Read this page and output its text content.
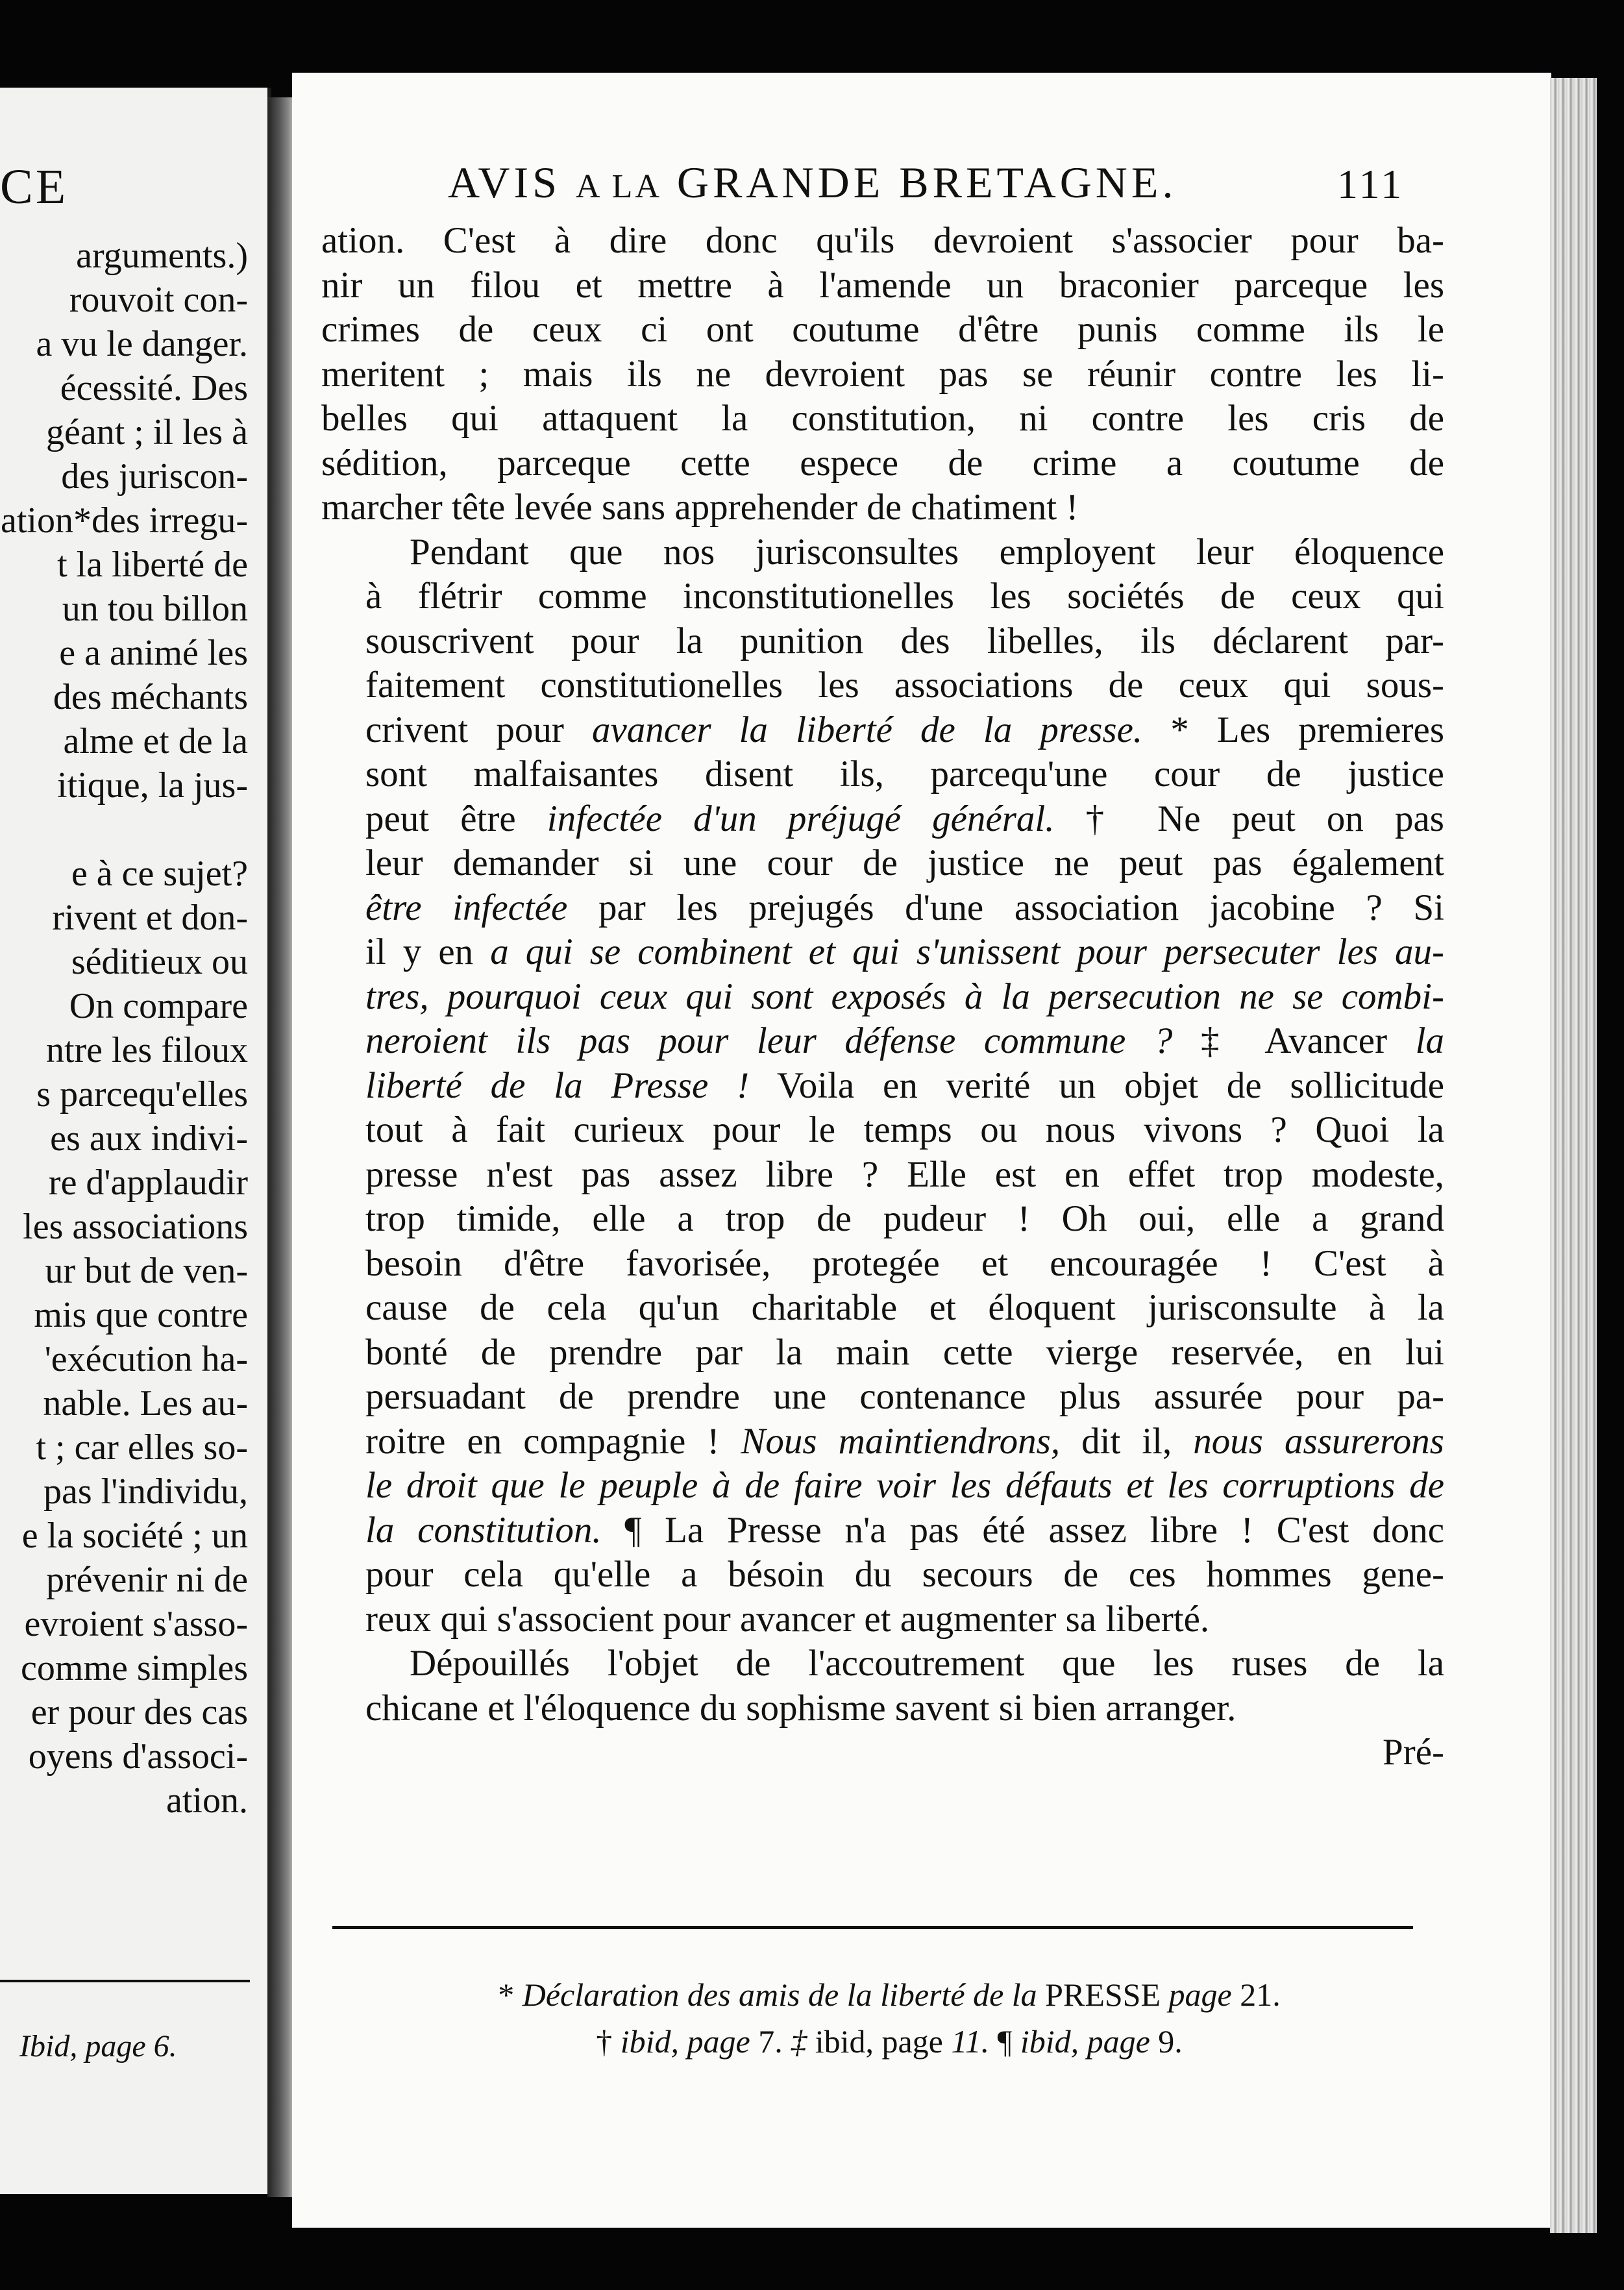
CE
arguments.)
rouvoit con-
a vu le danger.
écessité. Des
géant ; il les à
des juriscon-
ation*des irregu-
t la liberté de
un tou billon
e a animé les
des méchants
alme et de la
itique, la jus-

e à ce sujet?
rivent et don-
séditieux ou
On compare
ntre les filoux
s parcequ'elles
es aux indivi-
re d'applaudir
les associations
ur but de ven-
mis que contre
'exécution ha-
nable. Les au-
t ; car elles so-
pas l'individu,
e la société ; un
prévenir ni de
evroient s'asso-
comme simples
er pour des cas
oyens d'associ-
ation.
Ibid, page 6.
AVIS A LA GRANDE BRETAGNE.	111

ation. C'est à dire donc qu'ils devroient s'associer pour ba-
nir un filou et mettre à l'amende un braconier parceque les
crimes de ceux ci ont coutume d'être punis comme ils le
meritent ; mais ils ne devroient pas se réunir contre les li-
belles qui attaquent la constitution, ni contre les cris de
sédition, parceque cette espece de crime a coutume de
marcher tête levée sans apprehender de chatiment !

Pendant que nos jurisconsultes employent leur éloquence
à flétrir comme inconstitutionelles les sociétés de ceux qui
souscrivent pour la punition des libelles, ils déclarent par-
faitement constitutionelles les associations de ceux qui sous-
crivent pour avancer la liberté de la presse. * Les premieres
sont malfaisantes disent ils, parcequ'une cour de justice
peut être infectée d'un préjugé général. † Ne peut on pas
leur demander si une cour de justice ne peut pas également
être infectée par les prejugés d'une association jacobine ? Si
il y en a qui se combinent et qui s'unissent pour persecuter les au-
tres, pourquoi ceux qui sont exposés à la persecution ne se combi-
neroient ils pas pour leur défense commune ? ‡ Avancer la
liberté de la Presse ! Voila en verité un objet de sollicitude
tout à fait curieux pour le temps ou nous vivons ? Quoi la
presse n'est pas assez libre ? Elle est en effet trop modeste,
trop timide, elle a trop de pudeur ! Oh oui, elle a grand
besoin d'être favorisée, protegée et encouragée ! C'est à
cause de cela qu'un charitable et éloquent jurisconsulte à la
bonté de prendre par la main cette vierge reservée, en lui
persuadant de prendre une contenance plus assurée pour pa-
roitre en compagnie ! Nous maintiendrons, dit il, nous assurerons
le droit que le peuple à de faire voir les défauts et les corruptions de
la constitution. ¶ La Presse n'a pas été assez libre ! C'est donc
pour cela qu'elle a bésoin du secours de ces hommes gene-
reux qui s'associent pour avancer et augmenter sa liberté.

Dépouillés l'objet de l'accoutrement que les ruses de la
chicane et l'éloquence du sophisme savent si bien arranger.

Pré-
* Déclaration des amis de la liberté de la PRESSE page 21.
† ibid, page 7. ‡ ibid, page 11. ¶ ibid, page 9.
